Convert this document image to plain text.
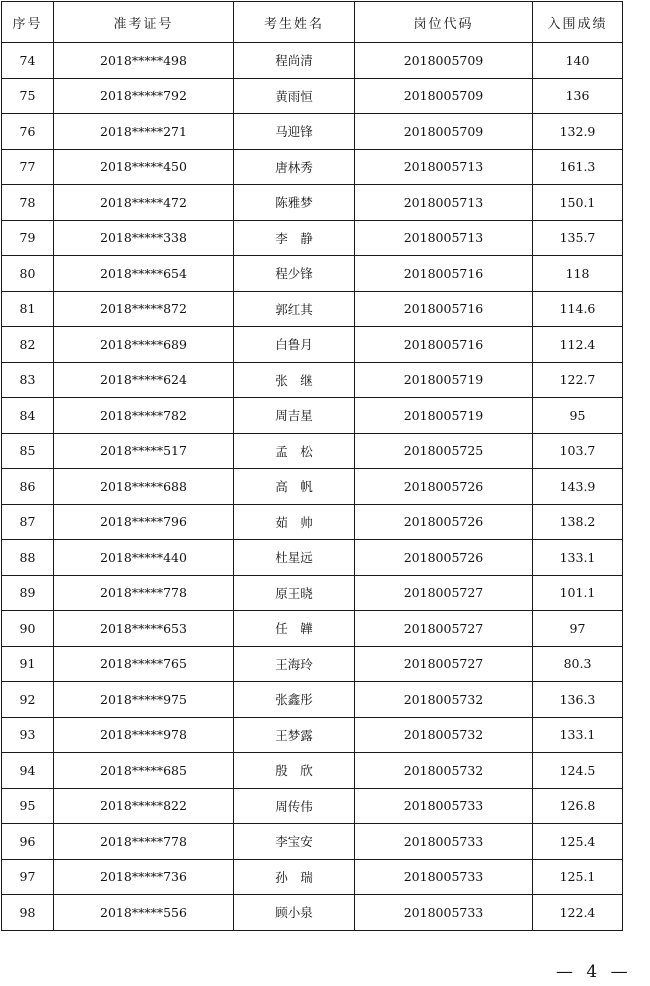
序号	准考证号	考生姓名	岗位代码	入围成绩
74	2018*****498	程尚清	2018005709	140
75	2018*****792	黄雨恒	2018005709	136
76	2018*****271	马迎锋	2018005709	132.9
77	2018*****450	唐林秀	2018005713	161.3
78	2018*****472	陈雅梦	2018005713	150.1
79	2018*****338	李　静	2018005713	135.7
80	2018*****654	程少锋	2018005716	118
81	2018*****872	郭红其	2018005716	114.6
82	2018*****689	白鲁月	2018005716	112.4
83	2018*****624	张　继	2018005719	122.7
84	2018*****782	周吉星	2018005719	95
85	2018*****517	孟　松	2018005725	103.7
86	2018*****688	高　帆	2018005726	143.9
87	2018*****796	茹　帅	2018005726	138.2
88	2018*****440	杜星远	2018005726	133.1
89	2018*****778	原王晓	2018005727	101.1
90	2018*****653	任　韡	2018005727	97
91	2018*****765	王海玲	2018005727	80.3
92	2018*****975	张鑫彤	2018005732	136.3
93	2018*****978	王梦露	2018005732	133.1
94	2018*****685	殷　欣	2018005732	124.5
95	2018*****822	周传伟	2018005733	126.8
96	2018*****778	李宝安	2018005733	125.4
97	2018*****736	孙　瑞	2018005733	125.1
98	2018*****556	顾小泉	2018005733	122.4
— 4 —
